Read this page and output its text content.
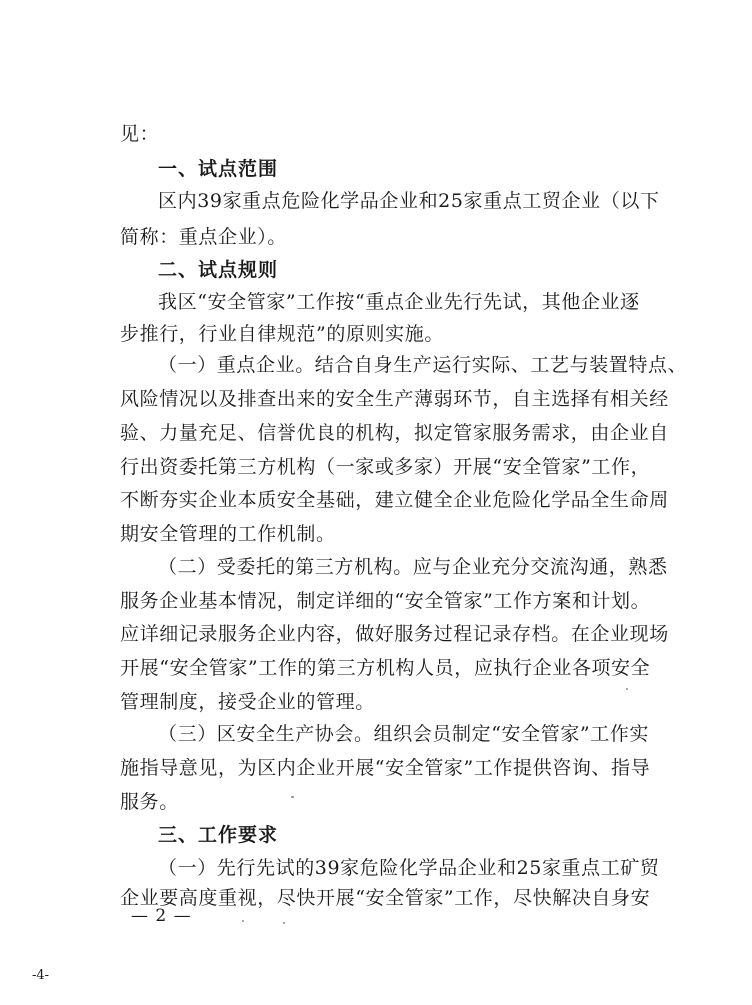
见：
一、试点范围
区内39家重点危险化学品企业和25家重点工贸企业（以下
简称：重点企业）。
二、试点规则
我区“安全管家”工作按“重点企业先行先试，其他企业逐
步推行，行业自律规范”的原则实施。
（一）重点企业。结合自身生产运行实际、工艺与装置特点、
风险情况以及排查出来的安全生产薄弱环节，自主选择有相关经
验、力量充足、信誉优良的机构，拟定管家服务需求，由企业自
行出资委托第三方机构（一家或多家）开展“安全管家”工作，
不断夯实企业本质安全基础，建立健全企业危险化学品全生命周
期安全管理的工作机制。
（二）受委托的第三方机构。应与企业充分交流沟通，熟悉
服务企业基本情况，制定详细的“安全管家”工作方案和计划。
应详细记录服务企业内容，做好服务过程记录存档。在企业现场
开展“安全管家”工作的第三方机构人员，应执行企业各项安全
管理制度，接受企业的管理。
（三）区安全生产协会。组织会员制定“安全管家”工作实
施指导意见，为区内企业开展“安全管家”工作提供咨询、指导
服务。
三、工作要求
（一）先行先试的39家危险化学品企业和25家重点工矿贸
企业要高度重视，尽快开展“安全管家”工作，尽快解决自身安
— 2 —
-4-
